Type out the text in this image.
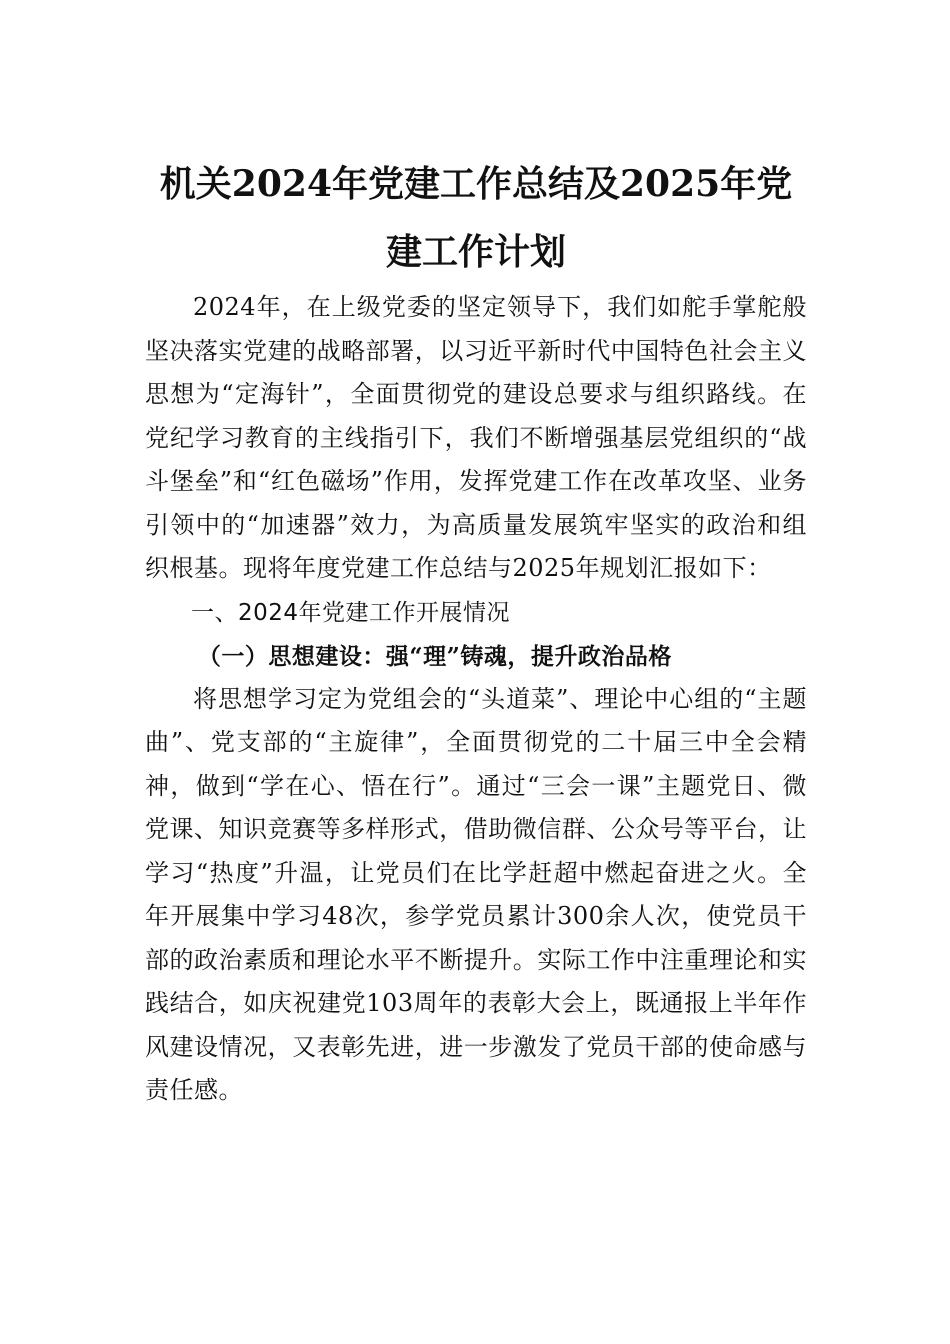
机关2024年党建工作总结及2025年党建工作计划

2024年，在上级党委的坚定领导下，我们如舵手掌舵般坚决落实党建的战略部署，以习近平新时代中国特色社会主义思想为“定海针”，全面贯彻党的建设总要求与组织路线。在党纪学习教育的主线指引下，我们不断增强基层党组织的“战斗堡垒”和“红色磁场”作用，发挥党建工作在改革攻坚、业务引领中的“加速器”效力，为高质量发展筑牢坚实的政治和组织根基。现将年度党建工作总结与2025年规划汇报如下：

一、2024年党建工作开展情况

（一）思想建设：强“理”铸魂，提升政治品格

将思想学习定为党组会的“头道菜”、理论中心组的“主题曲”、党支部的“主旋律”，全面贯彻党的二十届三中全会精神，做到“学在心、悟在行”。通过“三会一课”主题党日、微党课、知识竞赛等多样形式，借助微信群、公众号等平台，让学习“热度”升温，让党员们在比学赶超中燃起奋进之火。全年开展集中学习48次，参学党员累计300余人次，使党员干部的政治素质和理论水平不断提升。实际工作中注重理论和实践结合，如庆祝建党103周年的表彰大会上，既通报上半年作风建设情况，又表彰先进，进一步激发了党员干部的使命感与责任感。
